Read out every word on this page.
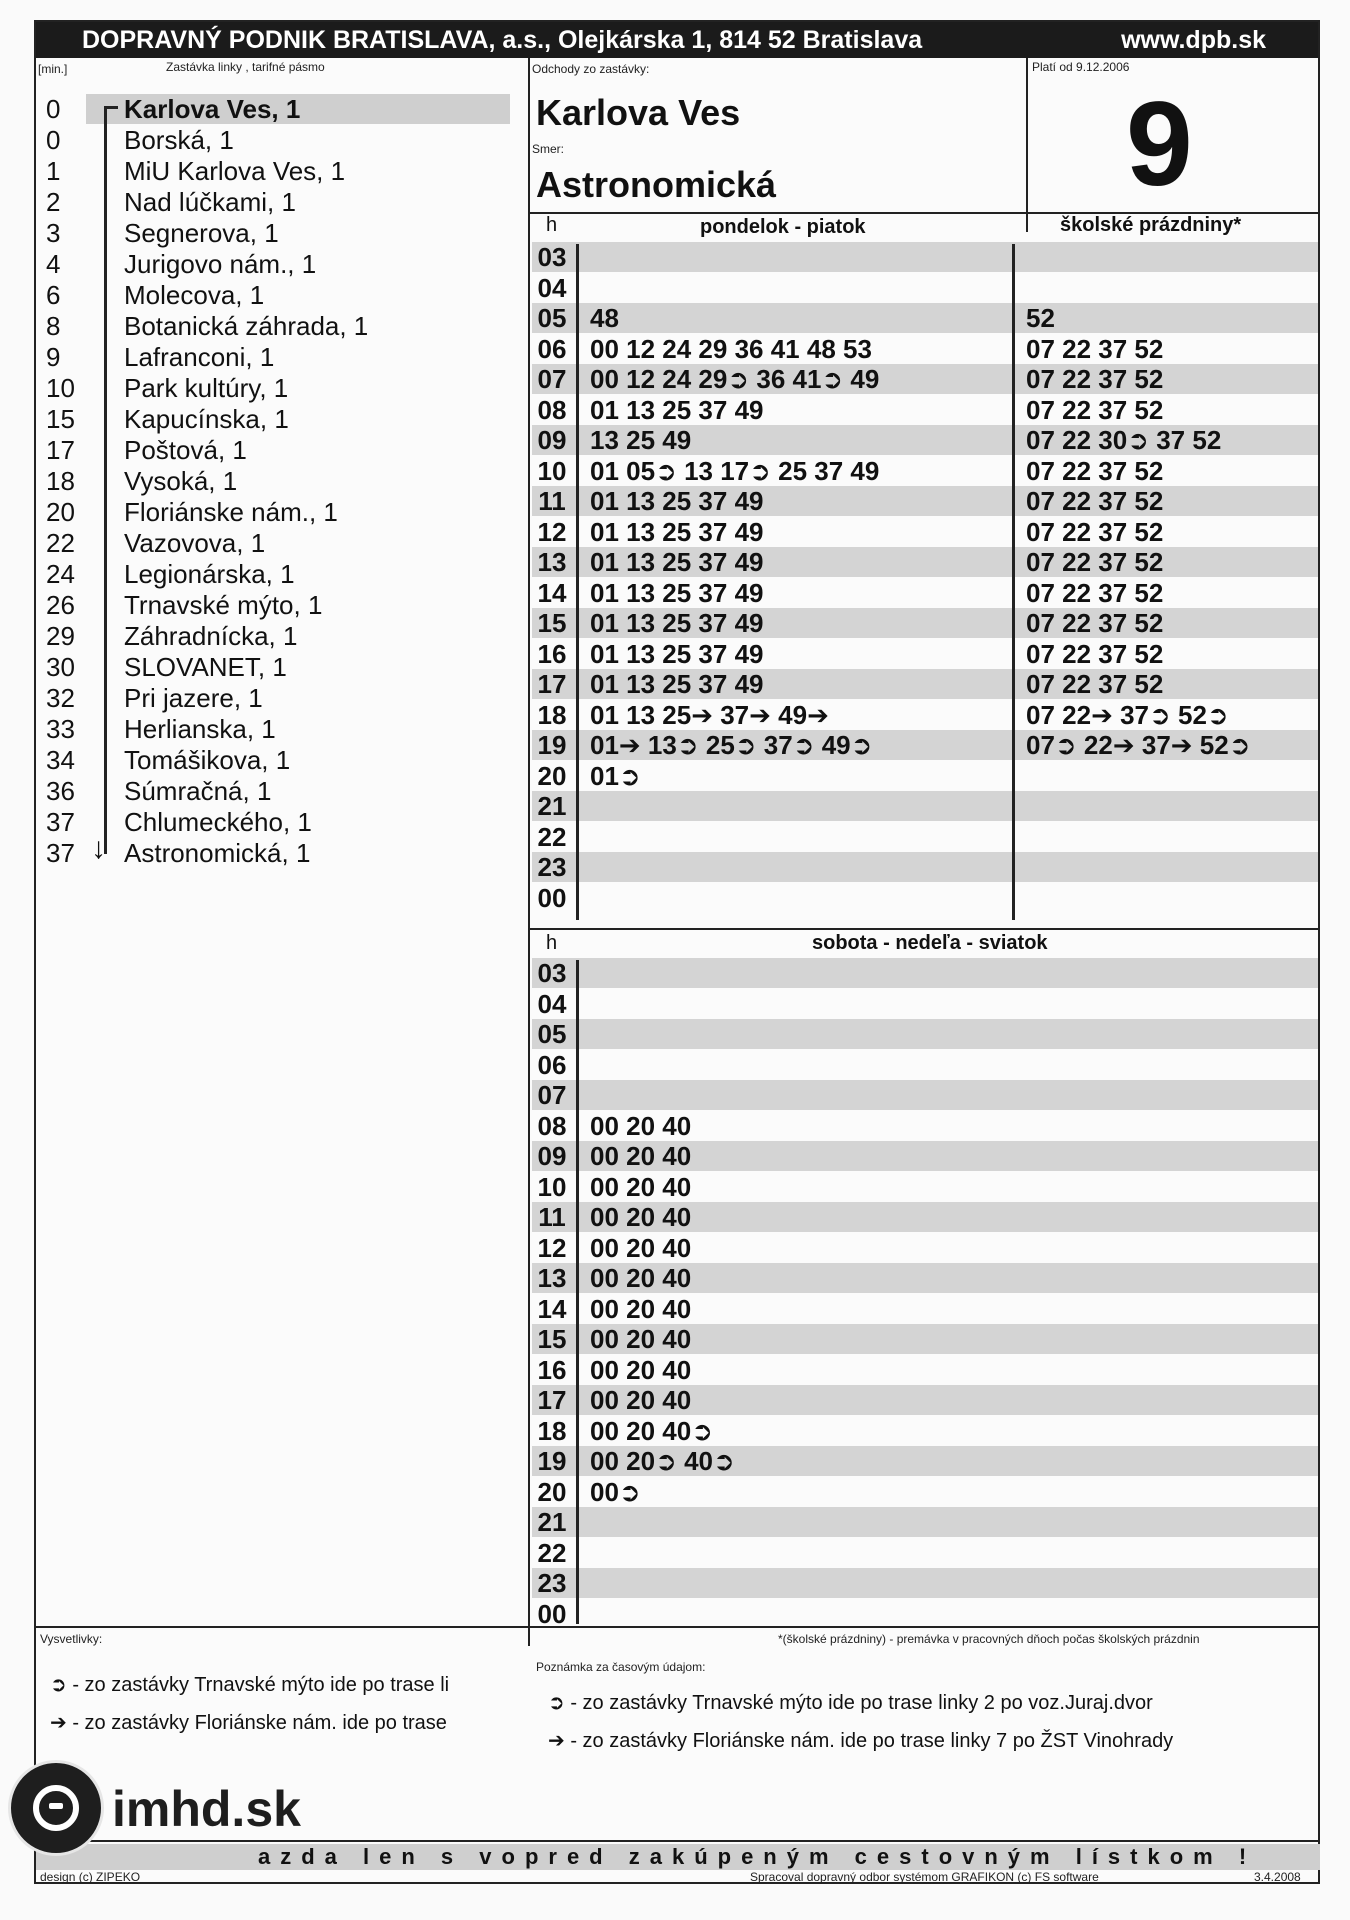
DOPRAVNÝ PODNIK BRATISLAVA, a.s., Olejkárska 1, 814 52 Bratislava	www.dpb.sk
[min.]	Zastávka linky , tarifné pásmo	Odchody zo zastávky:	Platí od 9.12.2006
Karlova Ves
Smer:
Astronomická	9
0	Karlova Ves, 1
0	Borská, 1
1	MiU Karlova Ves, 1
2	Nad lúčkami, 1
3	Segnerova, 1
4	Jurigovo nám., 1
6	Molecova, 1
8	Botanická záhrada, 1
9	Lafranconi, 1
10	Park kultúry, 1
15	Kapucínska, 1
17	Poštová, 1
18	Vysoká, 1
20	Floriánske nám., 1
22	Vazovova, 1
24	Legionárska, 1
26	Trnavské mýto, 1
29	Záhradnícka, 1
30	SLOVANET, 1
32	Pri jazere, 1
33	Herlianska, 1
34	Tomášikova, 1
36	Súmračná, 1
37	Chlumeckého, 1
37	Astronomická, 1
↓
h	pondelok - piatok	školské prázdniny*
03
04
05 48	52
06 00 12 24 29 36 41 48 53	07 22 37 52
07 00 12 24 29➲ 36 41➲ 49	07 22 37 52
08 01 13 25 37 49	07 22 37 52
09 13 25 49	07 22 30➲ 37 52
10 01 05➲ 13 17➲ 25 37 49	07 22 37 52
11 01 13 25 37 49	07 22 37 52
12 01 13 25 37 49	07 22 37 52
13 01 13 25 37 49	07 22 37 52
14 01 13 25 37 49	07 22 37 52
15 01 13 25 37 49	07 22 37 52
16 01 13 25 37 49	07 22 37 52
17 01 13 25 37 49	07 22 37 52
18 01 13 25➔ 37➔ 49➔	07 22➔ 37➲ 52➲
19 01➔ 13➲ 25➲ 37➲ 49➲	07➲ 22➔ 37➔ 52➲
20 01➲
21
22
23
00
h	sobota - nedeľa - sviatok
03
04
05
06
07
08 00 20 40
09 00 20 40
10 00 20 40
11 00 20 40
12 00 20 40
13 00 20 40
14 00 20 40
15 00 20 40
16 00 20 40
17 00 20 40
18 00 20 40➲
19 00 20➲ 40➲
20 00➲
21
22
23
00
Vysvetlivky:
➲ - zo zastávky Trnavské mýto ide po trase li
➔ - zo zastávky Floriánske nám. ide po trase
*(školské prázdniny) - premávka v pracovných dňoch počas školských prázdnin
Poznámka za časovým údajom:
➲ - zo zastávky Trnavské mýto ide po trase linky 2 po voz.Juraj.dvor
➔ - zo zastávky Floriánske nám. ide po trase linky 7 po ŽST Vinohrady
azda len s vopred zakúpeným cestovným lístkom !
design (c) ZIPEKO	Spracoval dopravný odbor systémom GRAFIKON (c) FS software	3.4.2008
imhd.sk
